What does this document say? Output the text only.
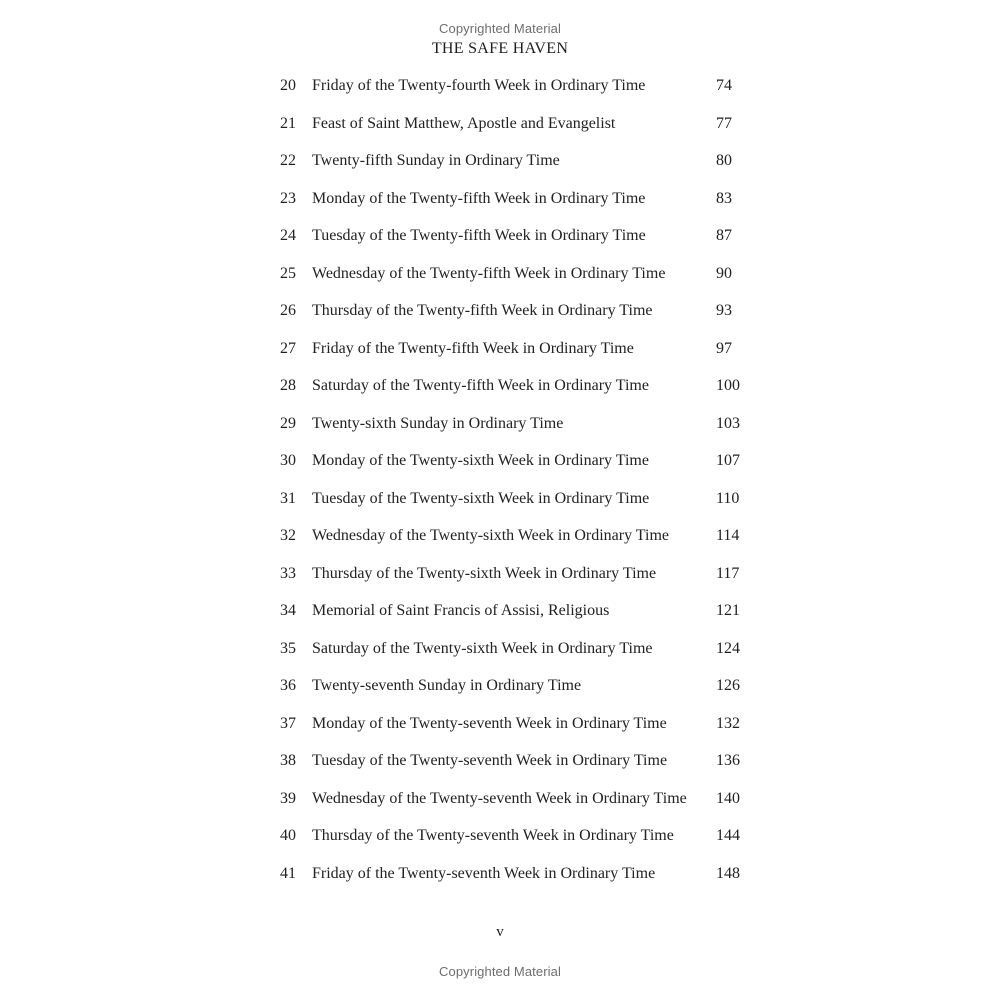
Copyrighted Material
THE SAFE HAVEN
20 Friday of the Twenty-fourth Week in Ordinary Time	74
21 Feast of Saint Matthew, Apostle and Evangelist	77
22 Twenty-fifth Sunday in Ordinary Time	80
23 Monday of the Twenty-fifth Week in Ordinary Time	83
24 Tuesday of the Twenty-fifth Week in Ordinary Time	87
25 Wednesday of the Twenty-fifth Week in Ordinary Time	90
26 Thursday of the Twenty-fifth Week in Ordinary Time	93
27 Friday of the Twenty-fifth Week in Ordinary Time	97
28 Saturday of the Twenty-fifth Week in Ordinary Time	100
29 Twenty-sixth Sunday in Ordinary Time	103
30 Monday of the Twenty-sixth Week in Ordinary Time	107
31 Tuesday of the Twenty-sixth Week in Ordinary Time	110
32 Wednesday of the Twenty-sixth Week in Ordinary Time	114
33 Thursday of the Twenty-sixth Week in Ordinary Time	117
34 Memorial of Saint Francis of Assisi, Religious	121
35 Saturday of the Twenty-sixth Week in Ordinary Time	124
36 Twenty-seventh Sunday in Ordinary Time	126
37 Monday of the Twenty-seventh Week in Ordinary Time	132
38 Tuesday of the Twenty-seventh Week in Ordinary Time	136
39 Wednesday of the Twenty-seventh Week in Ordinary Time 140
40 Thursday of the Twenty-seventh Week in Ordinary Time	144
41 Friday of the Twenty-seventh Week in Ordinary Time	148
v
Copyrighted Material
